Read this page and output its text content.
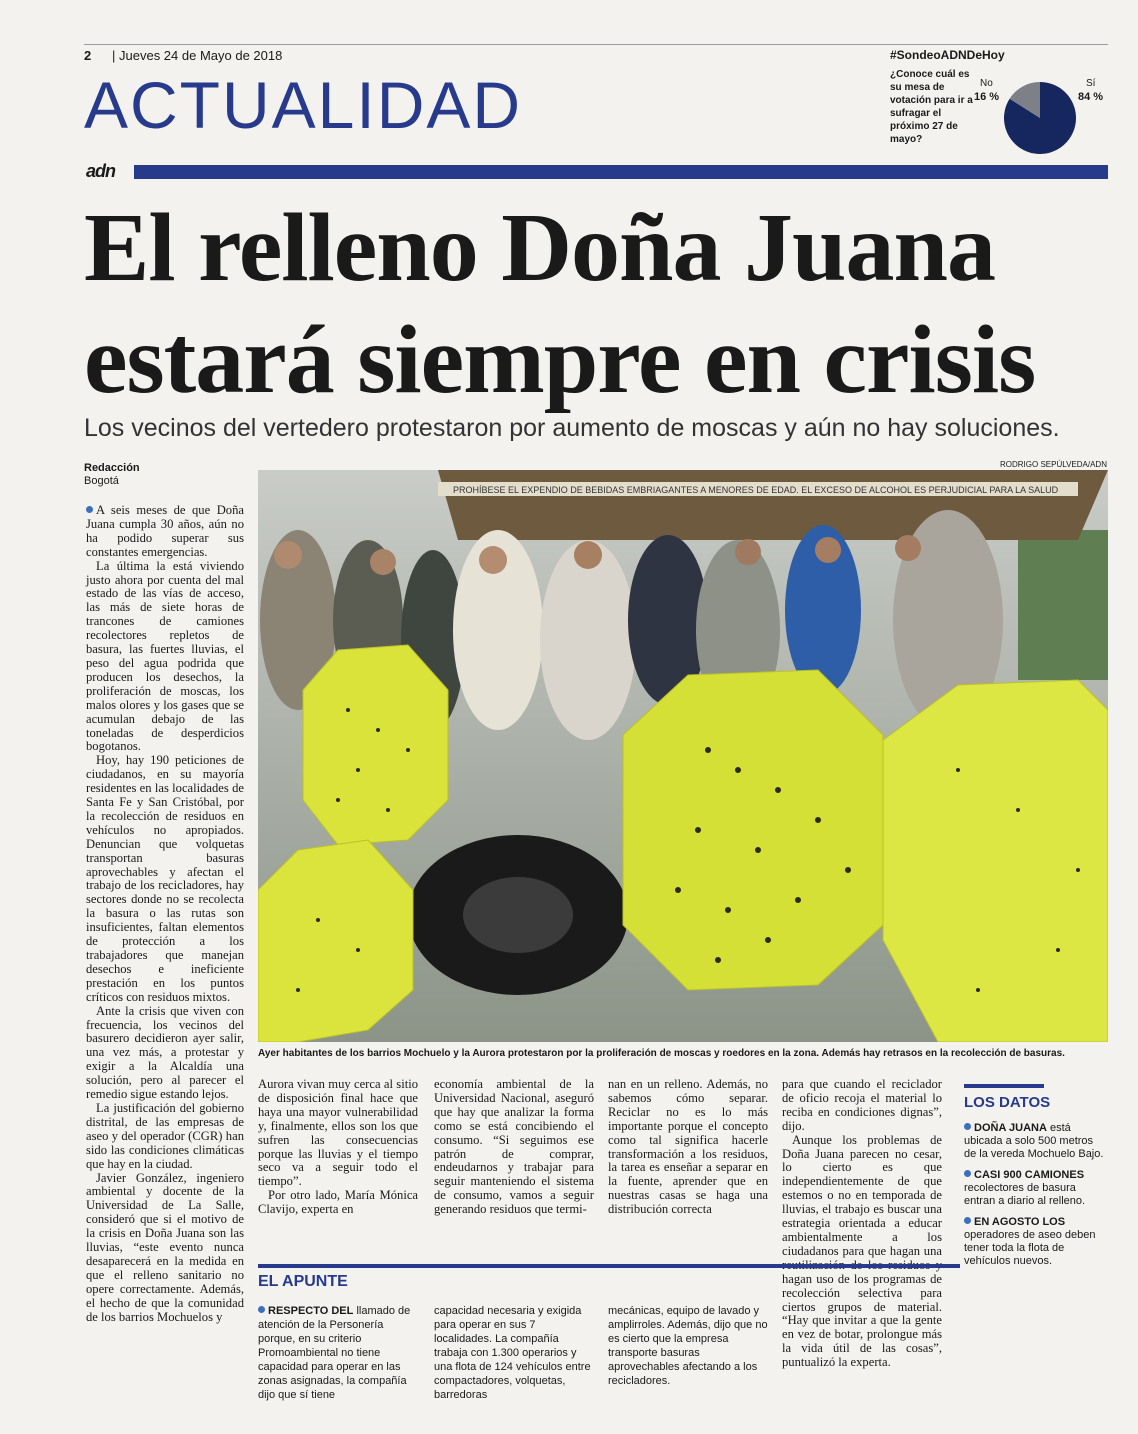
2 | Jueves 24 de Mayo de 2018
ACTUALIDAD
#SondeoADNDeHoy
¿Conoce cuál es su mesa de votación para ir a sufragar el próximo 27 de mayo?
No
16 %
Sí
84 %
adn
El relleno Doña Juana
estará siempre en crisis
Los vecinos del vertedero protestaron por aumento de moscas y aún no hay soluciones.
Redacción
Bogotá
RODRIGO SEPÚLVEDA/ADN
PROHÍBESE EL EXPENDIO DE BEBIDAS EMBRIAGANTES A MENORES DE EDAD. EL EXCESO DE ALCOHOL ES PERJUDICIAL PARA LA SALUD
Ayer habitantes de los barrios Mochuelo y la Aurora protestaron por la proliferación de moscas y roedores en la zona. Además hay retrasos en la recolección de basuras.

A seis meses de que Doña Juana cumpla 30 años, aún no ha podido superar sus constantes emergencias.

La última la está viviendo justo ahora por cuenta del mal estado de las vías de acceso, las más de siete horas de trancones de camiones recolectores repletos de basura, las fuertes lluvias, el peso del agua podrida que producen los desechos, la proliferación de moscas, los malos olores y los gases que se acumulan debajo de las toneladas de desperdicios bogotanos.

Hoy, hay 190 peticiones de ciudadanos, en su mayoría residentes en las localidades de Santa Fe y San Cristóbal, por la recolección de residuos en vehículos no apropiados. Denuncian que volquetas transportan basuras aprovechables y afectan el trabajo de los recicladores, hay sectores donde no se recolecta la basura o las rutas son insuficientes, faltan elementos de protección a los trabajadores que manejan desechos e ineficiente prestación en los puntos críticos con residuos mixtos.

Ante la crisis que viven con frecuencia, los vecinos del basurero decidieron ayer salir, una vez más, a protestar y exigir a la Alcaldía una solución, pero al parecer el remedio sigue estando lejos.

La justificación del gobierno distrital, de las empresas de aseo y del operador (CGR) han sido las condiciones climáticas que hay en la ciudad.

Javier González, ingeniero ambiental y docente de la Universidad de La Salle, consideró que si el motivo de la crisis en Doña Juana son las lluvias, “este evento nunca desaparecerá en la medida en que el relleno sanitario no opere correctamente. Además, el hecho de que la comunidad de los barrios Mochuelos y

Aurora vivan muy cerca al sitio de disposición final hace que haya una mayor vulnerabilidad y, finalmente, ellos son los que sufren las consecuencias porque las lluvias y el tiempo seco va a seguir todo el tiempo”.

Por otro lado, María Mónica Clavijo, experta en

economía ambiental de la Universidad Nacional, aseguró que hay que analizar la forma como se está concibiendo el consumo. “Si seguimos ese patrón de comprar, endeudarnos y trabajar para seguir manteniendo el sistema de consumo, vamos a seguir generando residuos que termi-

nan en un relleno. Además, no sabemos cómo separar. Reciclar no es lo más importante porque el concepto como tal significa hacerle transformación a los residuos, la tarea es enseñar a separar en la fuente, aprender que en nuestras casas se haga una distribución correcta

para que cuando el reciclador de oficio recoja el material lo reciba en condiciones dignas”, dijo.

Aunque los problemas de Doña Juana parecen no cesar, lo cierto es que independientemente de que estemos o no en temporada de lluvias, el trabajo es buscar una estrategia orientada a educar ambientalmente a los ciudadanos para que hagan una hagan uso de los programas de recolección selectiva para ciertos grupos de material. “Hay que invitar a que la gente en vez de botar, prolongue más la vida útil de las cosas”, puntualizó la experta.

EL APUNTE
RESPECTO DEL llamado de atención de la Personería porque, en su criterio Promoambiental no tiene capacidad para operar en las zonas asignadas, la compañía dijo que sí tiene
capacidad necesaria y exigida para operar en sus 7 localidades. La compañía trabaja con 1.300 operarios y una flota de 124 vehículos entre compactadores, volquetas, barredoras
mecánicas, equipo de lavado y amplirroles. Además, dijo que no es cierto que la empresa transporte basuras aprovechables afectando a los recicladores.
LOS DATOS
DOÑA JUANA está ubicada a solo 500 metros de la vereda Mochuelo Bajo.
CASI 900 CAMIONES recolectores de basura entran a diario al relleno.
EN AGOSTO LOS operadores de aseo deben tener toda la flota de vehículos nuevos.
